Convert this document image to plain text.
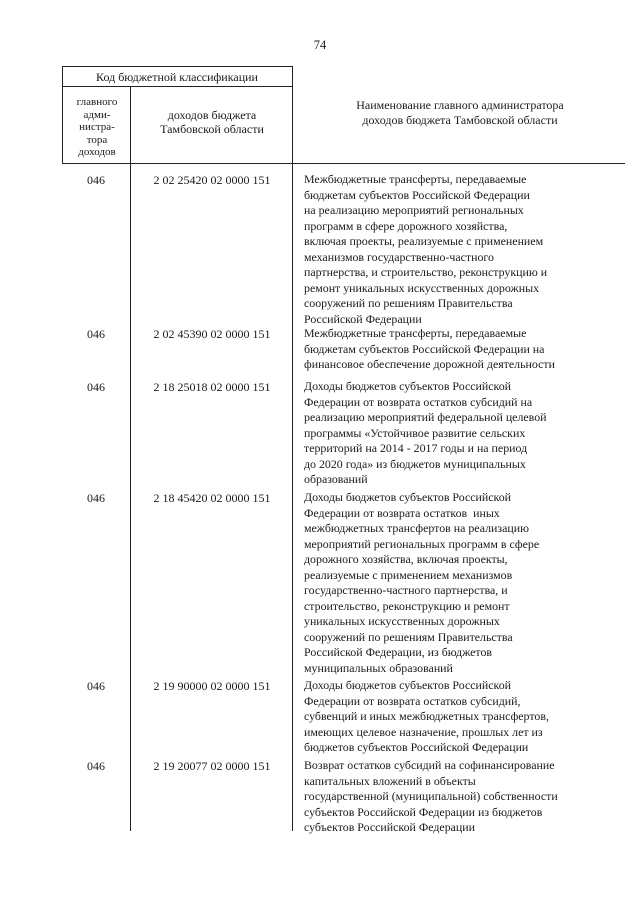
74
Код бюджетной классификации
главного
адми-
нистра-
тора
доходов
доходов бюджета
Тамбовской области
Наименование главного администратора
доходов бюджета Тамбовской области
046	2 02 25420 02 0000 151	Межбюджетные трансферты, передаваемые
бюджетам субъектов Российской Федерации
на реализацию мероприятий региональных
программ в сфере дорожного хозяйства,
включая проекты, реализуемые с применением
механизмов государственно-частного
партнерства, и строительство, реконструкцию и
ремонт уникальных искусственных дорожных
сооружений по решениям Правительства
Российской Федерации
046	2 02 45390 02 0000 151	Межбюджетные трансферты, передаваемые
бюджетам субъектов Российской Федерации на
финансовое обеспечение дорожной деятельности
046	2 18 25018 02 0000 151	Доходы бюджетов субъектов Российской
Федерации от возврата остатков субсидий на
реализацию мероприятий федеральной целевой
программы «Устойчивое развитие сельских
территорий на 2014 - 2017 годы и на период
до 2020 года» из бюджетов муниципальных
образований
046	2 18 45420 02 0000 151	Доходы бюджетов субъектов Российской
Федерации от возврата остатков  иных
межбюджетных трансфертов на реализацию
мероприятий региональных программ в сфере
дорожного хозяйства, включая проекты,
реализуемые с применением механизмов
государственно-частного партнерства, и
строительство, реконструкцию и ремонт
уникальных искусственных дорожных
сооружений по решениям Правительства
Российской Федерации, из бюджетов
муниципальных образований
046	2 19 90000 02 0000 151	Доходы бюджетов субъектов Российской
Федерации от возврата остатков субсидий,
субвенций и иных межбюджетных трансфертов,
имеющих целевое назначение, прошлых лет из
бюджетов субъектов Российской Федерации
046	2 19 20077 02 0000 151	Возврат остатков субсидий на софинансирование
капитальных вложений в объекты
государственной (муниципальной) собственности
субъектов Российской Федерации из бюджетов
субъектов Российской Федерации
